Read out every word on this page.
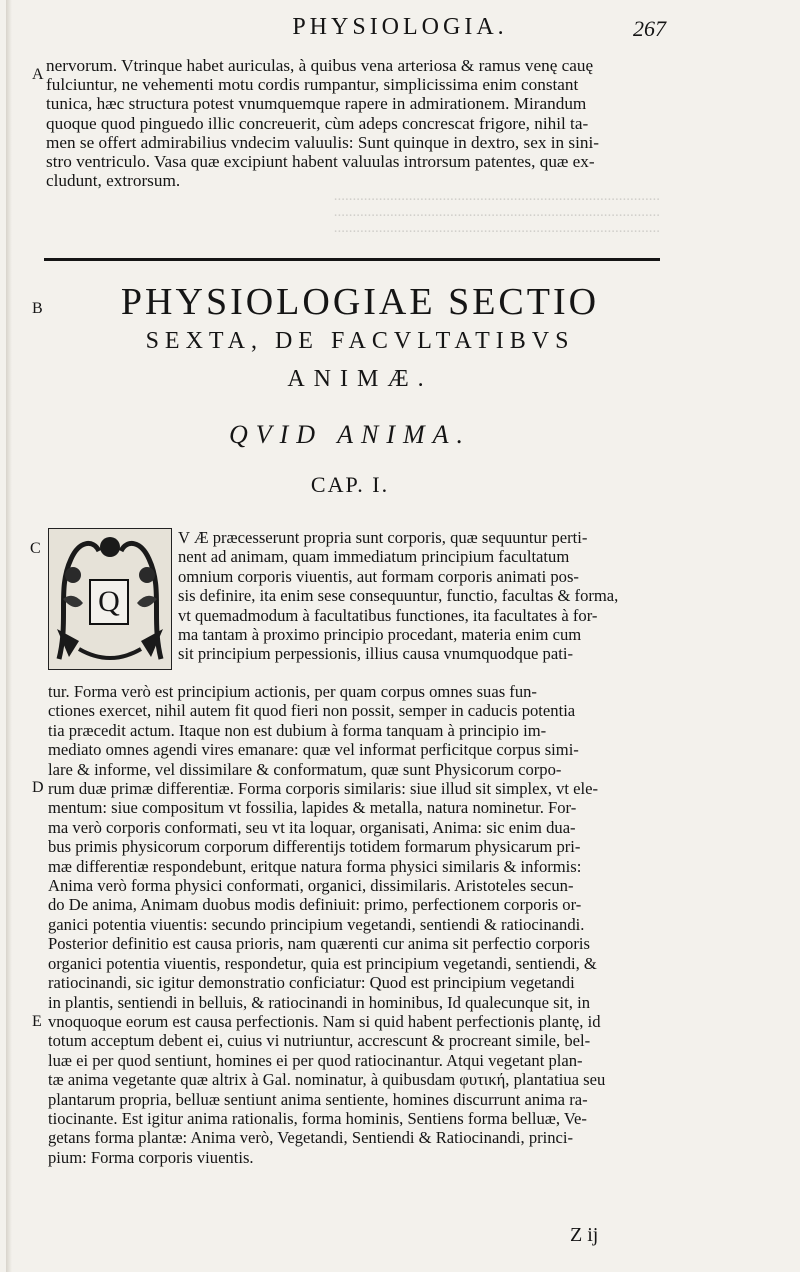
PHYSIOLOGIA.	267
A nervorum. Vtrinque habet auriculas, à quibus vena arteriosa & ramus venę cauę
fulciuntur, ne vehementi motu cordis rumpantur, simplicissima enim constant
tunica, hæc structura potest vnumquemque rapere in admirationem. Mirandum
quoque quod pinguedo illic concreuerit, cùm adeps concrescat frigore, nihil ta-
men se offert admirabilius vndecim valuulis: Sunt quinque in dextro, sex in sini-
stro ventriculo. Vasa quæ excipiunt habent valuulas introrsum patentes, quæ ex-
cludunt, extrorsum.
.......................................................................................
.......................................................................................
.......................................................................................
B	PHYSIOLOGIAE SECTIO
SEXTA, DE FACVLTATIBVS
ANIMÆ.
QVID ANIMA.
CAP. I.
C
Q
V Æ præcesserunt propria sunt corporis, quæ sequuntur perti-
nent ad animam, quam immediatum principium facultatum
omnium corporis viuentis, aut formam corporis animati pos-
sis definire, ita enim sese consequuntur, functio, facultas & forma,
vt quemadmodum à facultatibus functiones, ita facultates à for-
ma tantam à proximo principio procedant, materia enim cum
sit principium perpessionis, illius causa vnumquodque pati-
D
E
tur. Forma verò est principium actionis, per quam corpus omnes suas fun-
ctiones exercet, nihil autem fit quod fieri non possit, semper in caducis potentia
tia præcedit actum. Itaque non est dubium à forma tanquam à principio im-
mediato omnes agendi vires emanare: quæ vel informat perficitque corpus simi-
lare & informe, vel dissimilare & conformatum, quæ sunt Physicorum corpo-
rum duæ primæ differentiæ. Forma corporis similaris: siue illud sit simplex, vt ele-
mentum: siue compositum vt fossilia, lapides & metalla, natura nominetur. For-
ma verò corporis conformati, seu vt ita loquar, organisati, Anima: sic enim dua-
bus primis physicorum corporum differentijs totidem formarum physicarum pri-
mæ differentiæ respondebunt, eritque natura forma physici similaris & informis:
Anima verò forma physici conformati, organici, dissimilaris. Aristoteles secun-
do De anima, Animam duobus modis definiuit: primo, perfectionem corporis or-
ganici potentia viuentis: secundo principium vegetandi, sentiendi & ratiocinandi.
Posterior definitio est causa prioris, nam quærenti cur anima sit perfectio corporis
organici potentia viuentis, respondetur, quia est principium vegetandi, sentiendi, &
ratiocinandi, sic igitur demonstratio conficiatur: Quod est principium vegetandi
in plantis, sentiendi in belluis, & ratiocinandi in hominibus, Id qualecunque sit, in
vnoquoque eorum est causa perfectionis. Nam si quid habent perfectionis plantę, id
totum acceptum debent ei, cuius vi nutriuntur, accrescunt & procreant simile, bel-
luæ ei per quod sentiunt, homines ei per quod ratiocinantur. Atqui vegetant plan-
tæ anima vegetante quæ altrix à Gal. nominatur, à quibusdam φυτική, plantatiua seu
plantarum propria, belluæ sentiunt anima sentiente, homines discurrunt anima ra-
tiocinante. Est igitur anima rationalis, forma hominis, Sentiens forma belluæ, Ve-
getans forma plantæ: Anima verò, Vegetandi, Sentiendi & Ratiocinandi, princi-
pium: Forma corporis viuentis.
Z ij
